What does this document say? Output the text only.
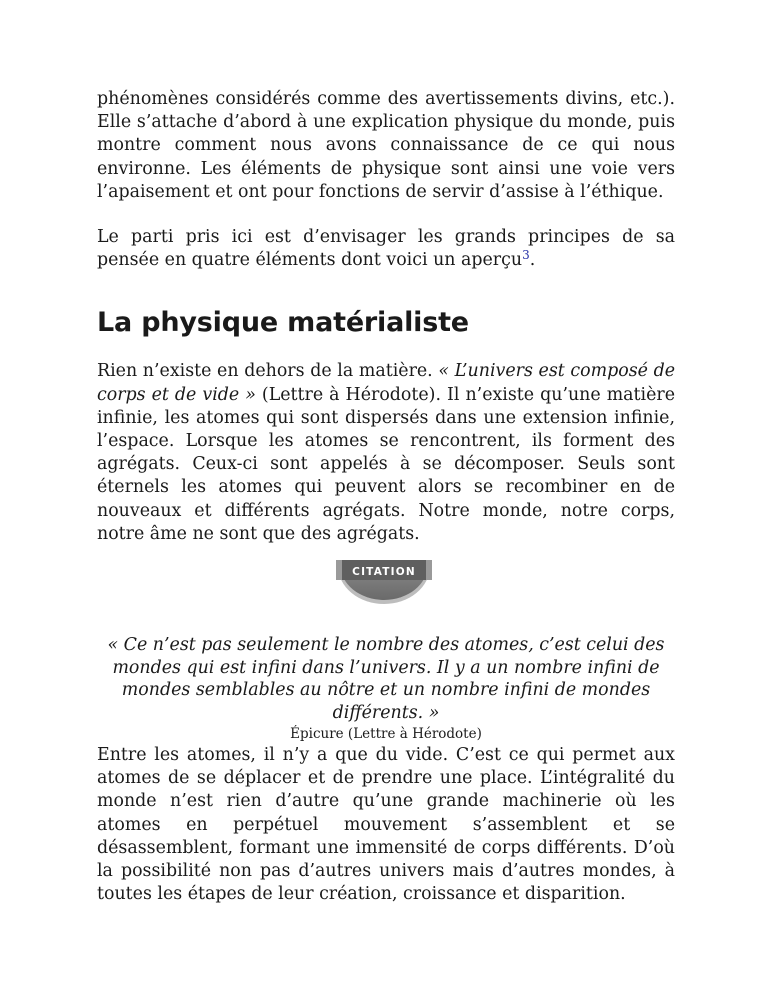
phénomènes considérés comme des avertissements divins, etc.). Elle s’attache d’abord à une explication physique du monde, puis montre comment nous avons connaissance de ce qui nous environne. Les éléments de physique sont ainsi une voie vers l’apaisement et ont pour fonctions de servir d’assise à l’éthique.

Le parti pris ici est d’envisager les grands principes de sa pensée en quatre éléments dont voici un aperçu$^3$.

La physique matérialiste

Rien n’existe en dehors de la matière. « L’univers est composé de corps et de vide » (Lettre à Hérodote). Il n’existe qu’une matière infinie, les atomes qui sont dispersés dans une extension infinie, l’espace. Lorsque les atomes se rencontrent, ils forment des agrégats. Ceux-ci sont appelés à se décomposer. Seuls sont éternels les atomes qui peuvent alors se recombiner en de nouveaux et différents agrégats. Notre monde, notre corps, notre âme ne sont que des agrégats.

CITATION
« Ce n’est pas seulement le nombre des atomes, c’est celui des mondes qui est infini dans l’univers. Il y a un nombre infini de mondes semblables au nôtre et un nombre infini de mondes différents. »
Épicure (Lettre à Hérodote)

Entre les atomes, il n’y a que du vide. C’est ce qui permet aux atomes de se déplacer et de prendre une place. L’intégralité du monde n’est rien d’autre qu’une grande machinerie où les atomes en perpétuel mouvement s’assemblent et se désassemblent, formant une immensité de corps différents. D’où la possibilité non pas d’autres univers mais d’autres mondes, à toutes les étapes de leur création, croissance et disparition.
